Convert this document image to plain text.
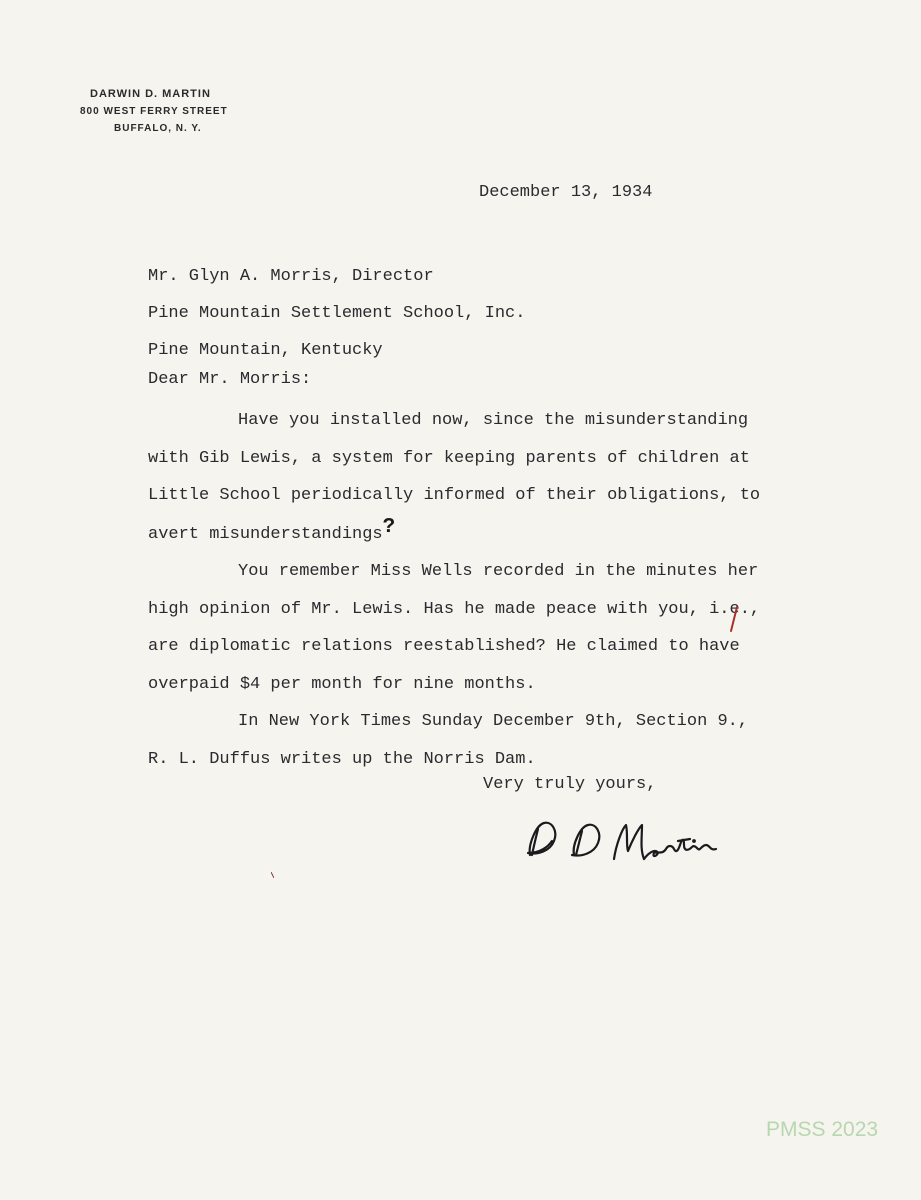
DARWIN D. MARTIN
800 WEST FERRY STREET
BUFFALO, N. Y.
December 13, 1934
Mr. Glyn A. Morris, Director
Pine Mountain Settlement School, Inc.
Pine Mountain, Kentucky
Dear Mr. Morris:
Have you installed now, since the misunderstanding
with Gib Lewis, a system for keeping parents of children at
Little School periodically informed of their obligations, to
avert misunderstandings?
You remember Miss Wells recorded in the minutes her
high opinion of Mr. Lewis. Has he made peace with you, i.e.,
are diplomatic relations reestablished? He claimed to have
overpaid $4 per month for nine months.
In New York Times Sunday December 9th, Section 9.,
R. L. Duffus writes up the Norris Dam.
Very truly yours,
PMSS 2023
